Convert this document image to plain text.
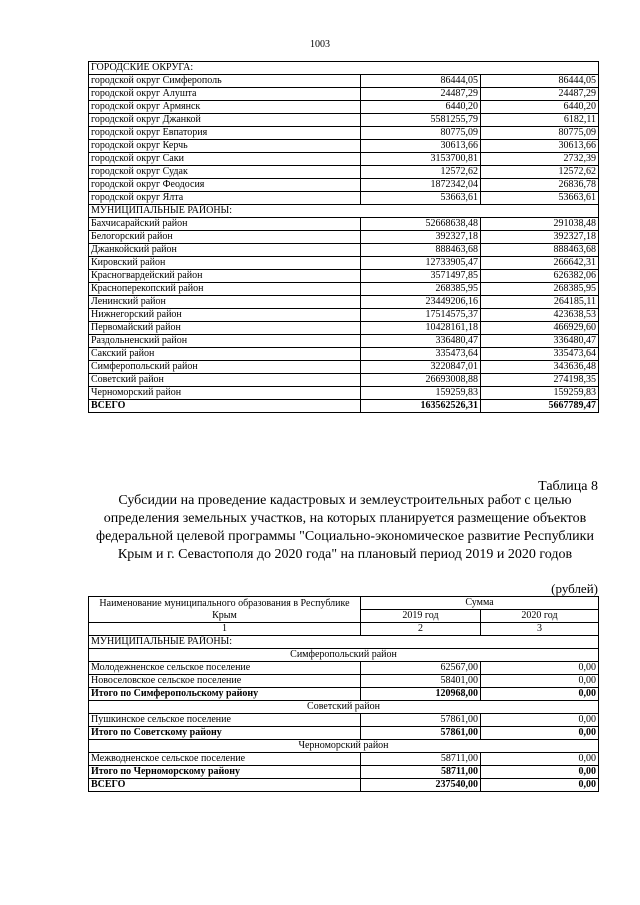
1003
ГОРОДСКИЕ ОКРУГА:		
городской округ Симферополь	86444,05	86444,05
городской округ Алушта	24487,29	24487,29
городской округ Армянск	6440,20	6440,20
городской округ Джанкой	5581255,79	6182,11
городской округ Евпатория	80775,09	80775,09
городской округ Керчь	30613,66	30613,66
городской округ Саки	3153700,81	2732,39
городской округ Судак	12572,62	12572,62
городской округ Феодосия	1872342,04	26836,78
городской округ Ялта	53663,61	53663,61
МУНИЦИПАЛЬНЫЕ РАЙОНЫ:		
Бахчисарайский район	52668638,48	291038,48
Белогорский район	392327,18	392327,18
Джанкойский район	888463,68	888463,68
Кировский район	12733905,47	266642,31
Красногвардейский район	3571497,85	626382,06
Красноперекопский район	268385,95	268385,95
Ленинский район	23449206,16	264185,11
Нижнегорский район	17514575,37	423638,53
Первомайский район	10428161,18	466929,60
Раздольненский район	336480,47	336480,47
Сакский район	335473,64	335473,64
Симферопольский район	3220847,01	343636,48
Советский район	26693008,88	274198,35
Черноморский район	159259,83	159259,83
ВСЕГО	163562526,31	5667789,47
Таблица 8
Субсидии на проведение кадастровых и землеустроительных работ с целью определения земельных участков, на которых планируется размещение объектов федеральной целевой программы "Социально-экономическое развитие Республики Крым и г. Севастополя до 2020 года" на плановый период 2019 и 2020 годов
(рублей)
Наименование муниципального образования в Республике Крым	Сумма	
	2019 год	2020 год
1	2	3
МУНИЦИПАЛЬНЫЕ РАЙОНЫ:		
Симферопольский район		
Молодежненское сельское поселение	62567,00	0,00
Новоселовское сельское поселение	58401,00	0,00
Итого по Симферопольскому району	120968,00	0,00
Советский район		
Пушкинское сельское поселение	57861,00	0,00
Итого по Советскому району	57861,00	0,00
Черноморский район		
Межводненское сельское поселение	58711,00	0,00
Итого по Черноморскому району	58711,00	0,00
ВСЕГО	237540,00	0,00
